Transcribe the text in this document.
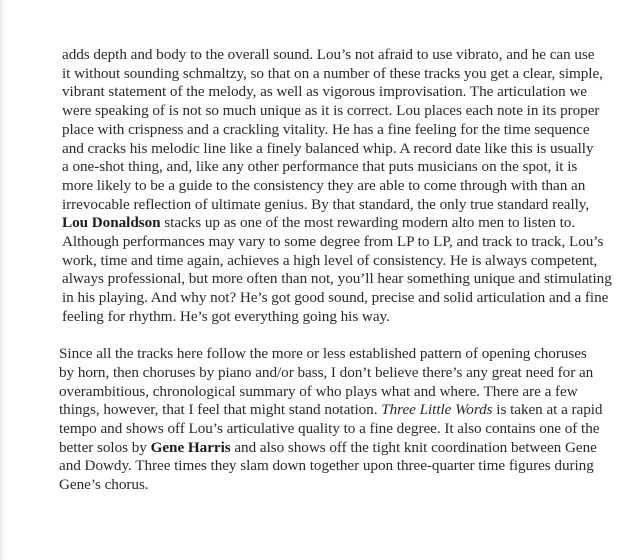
adds depth and body to the overall sound. Lou’s not afraid to use vibrato, and he can use
it without sounding schmaltzy, so that on a number of these tracks you get a clear, simple,
vibrant statement of the melody, as well as vigorous improvisation. The articulation we
were speaking of is not so much unique as it is correct. Lou places each note in its proper
place with crispness and a crackling vitality. He has a fine feeling for the time sequence
and cracks his melodic line like a finely balanced whip. A record date like this is usually
a one-shot thing, and, like any other performance that puts musicians on the spot, it is
more likely to be a guide to the consistency they are able to come through with than an
irrevocable reflection of ultimate genius. By that standard, the only true standard really,
Lou Donaldson stacks up as one of the most rewarding modern alto men to listen to.
Although performances may vary to some degree from LP to LP, and track to track, Lou’s
work, time and time again, achieves a high level of consistency. He is always competent,
always professional, but more often than not, you’ll hear something unique and stimulating
in his playing. And why not? He’s got good sound, precise and solid articulation and a fine
feeling for rhythm. He’s got everything going his way.
Since all the tracks here follow the more or less established pattern of opening choruses
by horn, then choruses by piano and/or bass, I don’t believe there’s any great need for an
overambitious, chronological summary of who plays what and where. There are a few
things, however, that I feel that might stand notation. Three Little Words is taken at a rapid
tempo and shows off Lou’s articulative quality to a fine degree. It also contains one of the
better solos by Gene Harris and also shows off the tight knit coordination between Gene
and Dowdy. Three times they slam down together upon three-quarter time figures during
Gene’s chorus.
